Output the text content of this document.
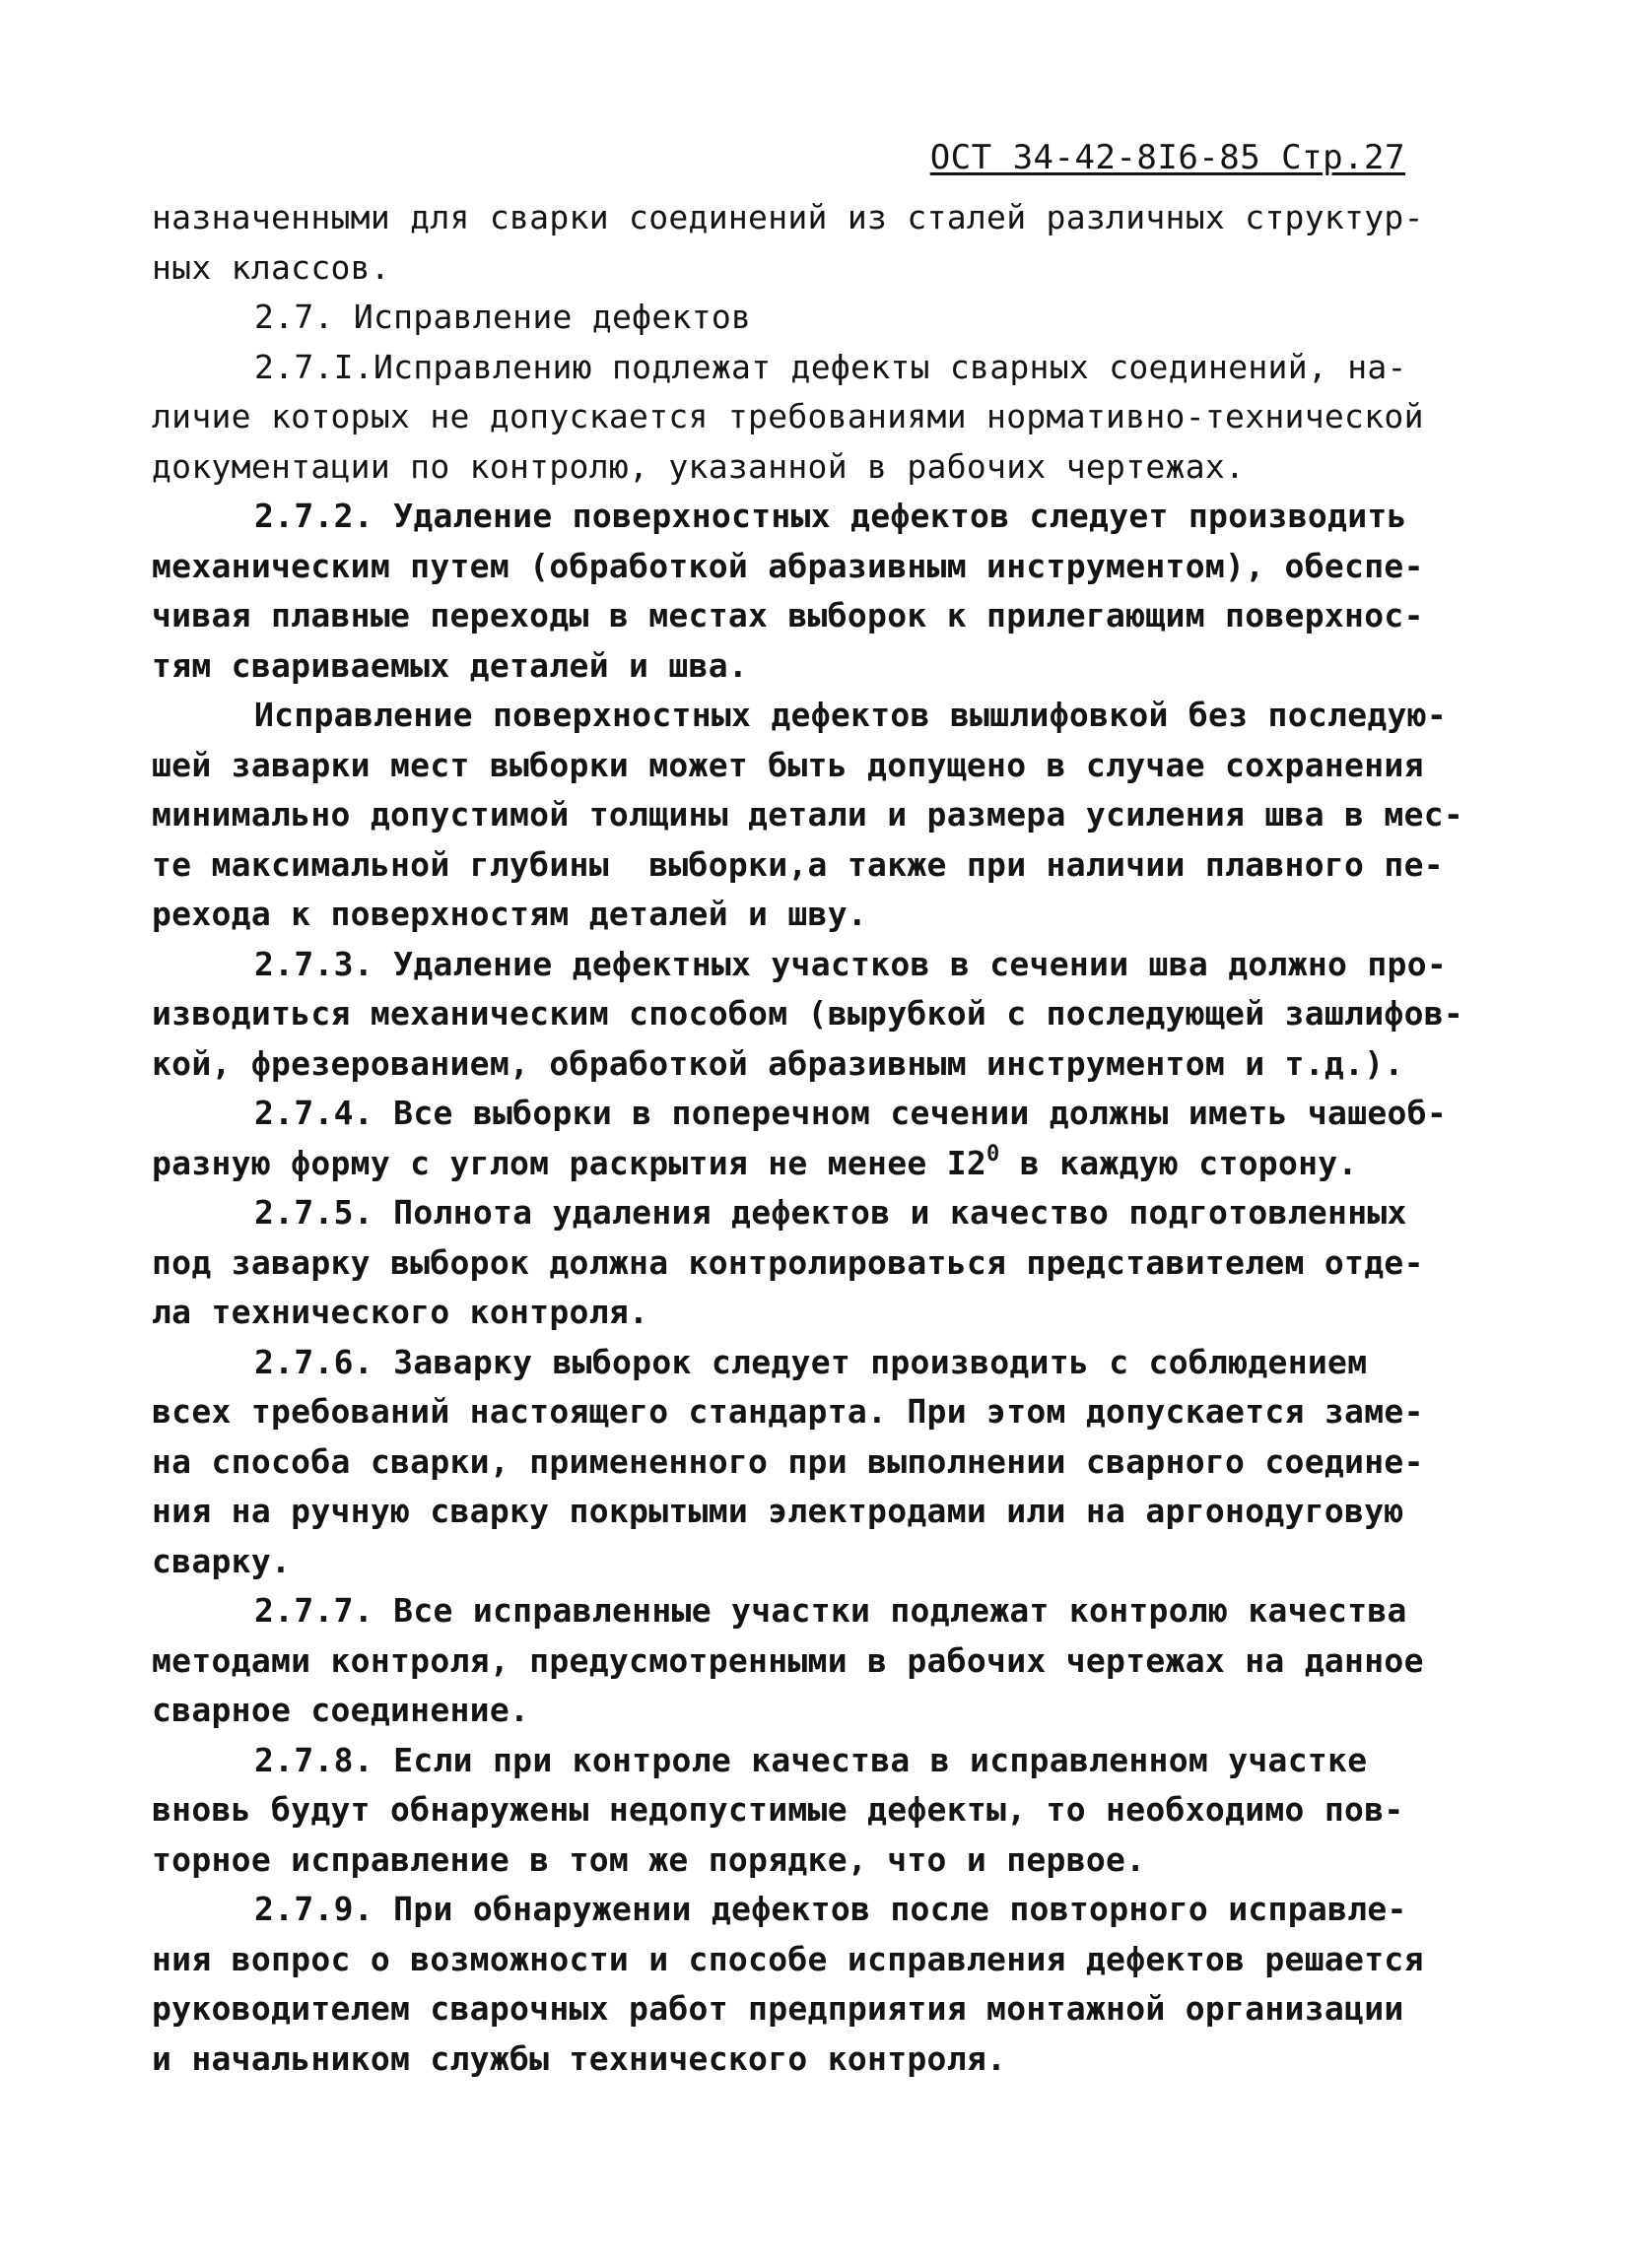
ОСТ 34-42-8I6-85 Стр.27
назначенными для сварки соединений из сталей различных структур-
ных классов.
2.7. Исправление дефектов
2.7.I.Исправлению подлежат дефекты сварных соединений, на-
личие которых не допускается требованиями нормативно-технической
документации по контролю, указанной в рабочих чертежах.
2.7.2. Удаление поверхностных дефектов следует производить
механическим путем (обработкой абразивным инструментом), обеспе-
чивая плавные переходы в местах выборок к прилегающим поверхнос-
тям свариваемых деталей и шва.
Исправление поверхностных дефектов вышлифовкой без последую-
шей заварки мест выборки может быть допущено в случае сохранения
минимально допустимой толщины детали и размера усиления шва в мес-
те максимальной глубины  выборки,а также при наличии плавного пе-
рехода к поверхностям деталей и шву.
2.7.3. Удаление дефектных участков в сечении шва должно про-
изводиться механическим способом (вырубкой с последующей зашлифов-
кой, фрезерованием, обработкой абразивным инструментом и т.д.).
2.7.4. Все выборки в поперечном сечении должны иметь чашеоб-
разную форму с углом раскрытия не менее $I2^0$ в каждую сторону.
2.7.5. Полнота удаления дефектов и качество подготовленных
под заварку выборок должна контролироваться представителем отде-
ла технического контроля.
2.7.6. Заварку выборок следует производить с соблюдением
всех требований настоящего стандарта. При этом допускается заме-
на способа сварки, примененного при выполнении сварного соедине-
ния на ручную сварку покрытыми электродами или на аргонодуговую
сварку.
2.7.7. Все исправленные участки подлежат контролю качества
методами контроля, предусмотренными в рабочих чертежах на данное
сварное соединение.
2.7.8. Если при контроле качества в исправленном участке
вновь будут обнаружены недопустимые дефекты, то необходимо пов-
торное исправление в том же порядке, что и первое.
2.7.9. При обнаружении дефектов после повторного исправле-
ния вопрос о возможности и способе исправления дефектов решается
руководителем сварочных работ предприятия монтажной организации
и начальником службы технического контроля.
